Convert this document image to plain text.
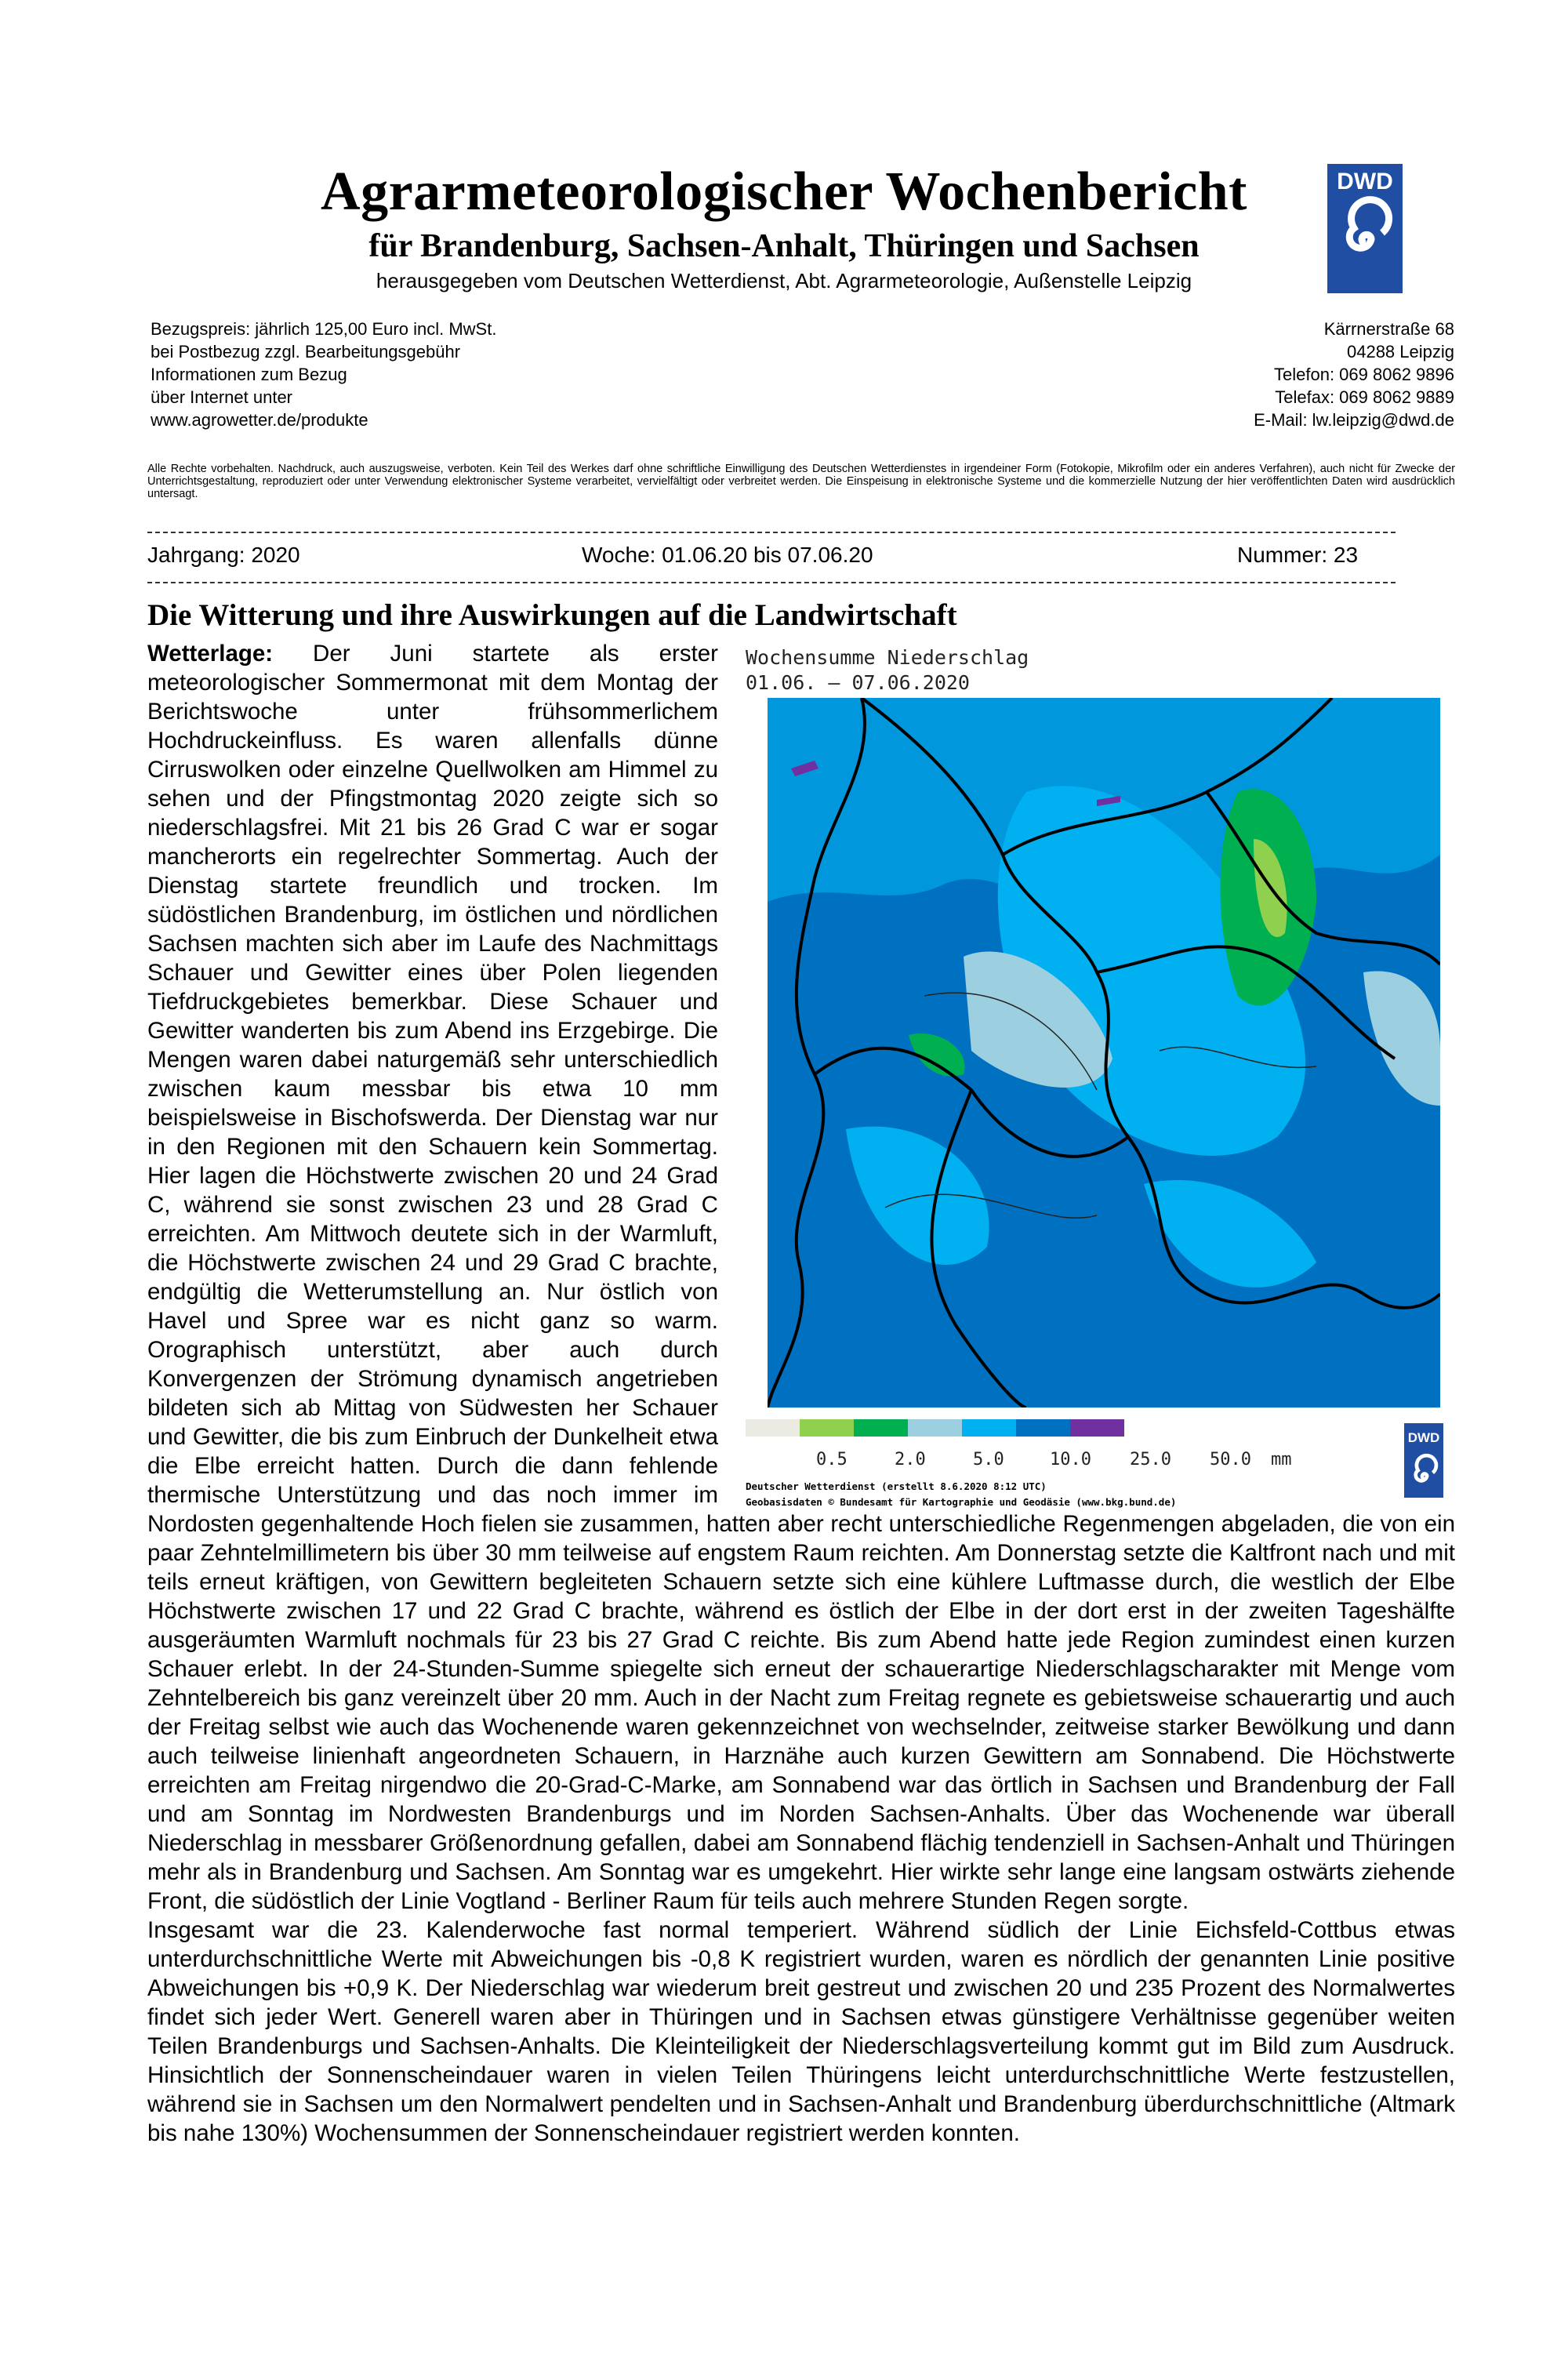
Agrarmeteorologischer Wochenbericht
für Brandenburg, Sachsen-Anhalt, Thüringen und Sachsen
herausgegeben vom Deutschen Wetterdienst, Abt. Agrarmeteorologie, Außenstelle Leipzig
DWD
Bezugspreis: jährlich 125,00 Euro incl. MwSt.
bei Postbezug zzgl. Bearbeitungsgebühr
Informationen zum Bezug
über Internet unter
www.agrowetter.de/produkte
Kärrnerstraße 68
04288 Leipzig
Telefon: 069 8062 9896
Telefax: 069 8062 9889
E-Mail: lw.leipzig@dwd.de
Alle Rechte vorbehalten. Nachdruck, auch auszugsweise, verboten. Kein Teil des Werkes darf ohne schriftliche Einwilligung des Deutschen Wetterdienstes in irgendeiner Form (Fotokopie, Mikrofilm oder ein anderes Verfahren), auch nicht für Zwecke der Unterrichtsgestaltung, reproduziert oder unter Verwendung elektronischer Systeme verarbeitet, vervielfältigt oder verbreitet werden. Die Einspeisung in elektronische Systeme und die kommerzielle Nutzung der hier veröffentlichten Daten wird ausdrücklich untersagt.
Jahrgang: 2020	Woche: 01.06.20 bis 07.06.20	Nummer: 23
Die Witterung und ihre Auswirkungen auf die Landwirtschaft
Wochensumme Niederschlag
01.06. – 07.06.2020
0.5	2.0	5.0	10.0 25.0 50.0 mm
Deutscher Wetterdienst (erstellt 8.6.2020 8:12 UTC)
Geobasisdaten © Bundesamt für Kartographie und Geodäsie (www.bkg.bund.de)
DWD

Wetterlage: Der Juni startete als erster meteorologischer Sommermonat mit dem Montag der Berichtswoche unter frühsommerlichem Hochdruckeinfluss. Es waren allenfalls dünne Cirruswolken oder einzelne Quellwolken am Himmel zu sehen und der Pfingstmontag 2020 zeigte sich so niederschlagsfrei. Mit 21 bis 26 Grad C war er sogar mancherorts ein regelrechter Sommertag. Auch der Dienstag startete freundlich und trocken. Im südöstlichen Brandenburg, im östlichen und nördlichen Sachsen machten sich aber im Laufe des Nachmittags Schauer und Gewitter eines über Polen liegenden Tiefdruckgebietes bemerkbar. Diese Schauer und Gewitter wanderten bis zum Abend ins Erzgebirge. Die Mengen waren dabei naturgemäß sehr unterschiedlich zwischen kaum messbar bis etwa 10 mm beispielsweise in Bischofswerda. Der Dienstag war nur in den Regionen mit den Schauern kein Sommertag. Hier lagen die Höchstwerte zwischen 20 und 24 Grad C, während sie sonst zwischen 23 und 28 Grad C erreichten. Am Mittwoch deutete sich in der Warmluft, die Höchstwerte zwischen 24 und 29 Grad C brachte, endgültig die Wetterumstellung an. Nur östlich von Havel und Spree war es nicht ganz so warm. Orographisch unterstützt, aber auch durch Konvergenzen der Strömung dynamisch angetrieben bildeten sich ab Mittag von Südwesten her Schauer und Gewitter, die bis zum Einbruch der Dunkelheit etwa die Elbe erreicht hatten. Durch die dann fehlende thermische Unterstützung und das noch immer im Nordosten gegenhaltende Hoch fielen sie zusammen, hatten aber recht unterschiedliche Regenmengen abgeladen, die von ein paar Zehntelmillimetern bis über 30 mm teilweise auf engstem Raum reichten. Am Donnerstag setzte die Kaltfront nach und mit teils erneut kräftigen, von Gewittern begleiteten Schauern setzte sich eine kühlere Luftmasse durch, die westlich der Elbe Höchstwerte zwischen 17 und 22 Grad C brachte, während es östlich der Elbe in der dort erst in der zweiten Tageshälfte ausgeräumten Warmluft nochmals für 23 bis 27 Grad C reichte. Bis zum Abend hatte jede Region zumindest einen kurzen Schauer erlebt. In der 24-Stunden-Summe spiegelte sich erneut der schauerartige Niederschlagscharakter mit Menge vom Zehntelbereich bis ganz vereinzelt über 20 mm. Auch in der Nacht zum Freitag regnete es gebietsweise schauerartig und auch der Freitag selbst wie auch das Wochenende waren gekennzeichnet von wechselnder, zeitweise starker Bewölkung und dann auch teilweise linienhaft angeordneten Schauern, in Harznähe auch kurzen Gewittern am Sonnabend. Die Höchstwerte erreichten am Freitag nirgendwo die 20-Grad-C-Marke, am Sonnabend war das örtlich in Sachsen und Brandenburg der Fall und am Sonntag im Nordwesten Brandenburgs und im Norden Sachsen-Anhalts. Über das Wochenende war überall Niederschlag in messbarer Größenordnung gefallen, dabei am Sonnabend flächig tendenziell in Sachsen-Anhalt und Thüringen mehr als in Brandenburg und Sachsen. Am Sonntag war es umgekehrt. Hier wirkte sehr lange eine langsam ostwärts ziehende Front, die südöstlich der Linie Vogtland - Berliner Raum für teils auch mehrere Stunden Regen sorgte.

Insgesamt war die 23. Kalenderwoche fast normal temperiert. Während südlich der Linie Eichsfeld-Cottbus etwas unterdurchschnittliche Werte mit Abweichungen bis -0,8 K registriert wurden, waren es nördlich der genannten Linie positive Abweichungen bis +0,9 K. Der Niederschlag war wiederum breit gestreut und zwischen 20 und 235 Prozent des Normalwertes findet sich jeder Wert. Generell waren aber in Thüringen und in Sachsen etwas günstigere Verhältnisse gegenüber weiten Teilen Brandenburgs und Sachsen-Anhalts. Die Kleinteiligkeit der Niederschlagsverteilung kommt gut im Bild zum Ausdruck. Hinsichtlich der Sonnenscheindauer waren in vielen Teilen Thüringens leicht unterdurchschnittliche Werte festzustellen, während sie in Sachsen um den Normalwert pendelten und in Sachsen-Anhalt und Brandenburg überdurchschnittliche (Altmark bis nahe 130%) Wochensummen der Sonnenscheindauer registriert werden konnten.
